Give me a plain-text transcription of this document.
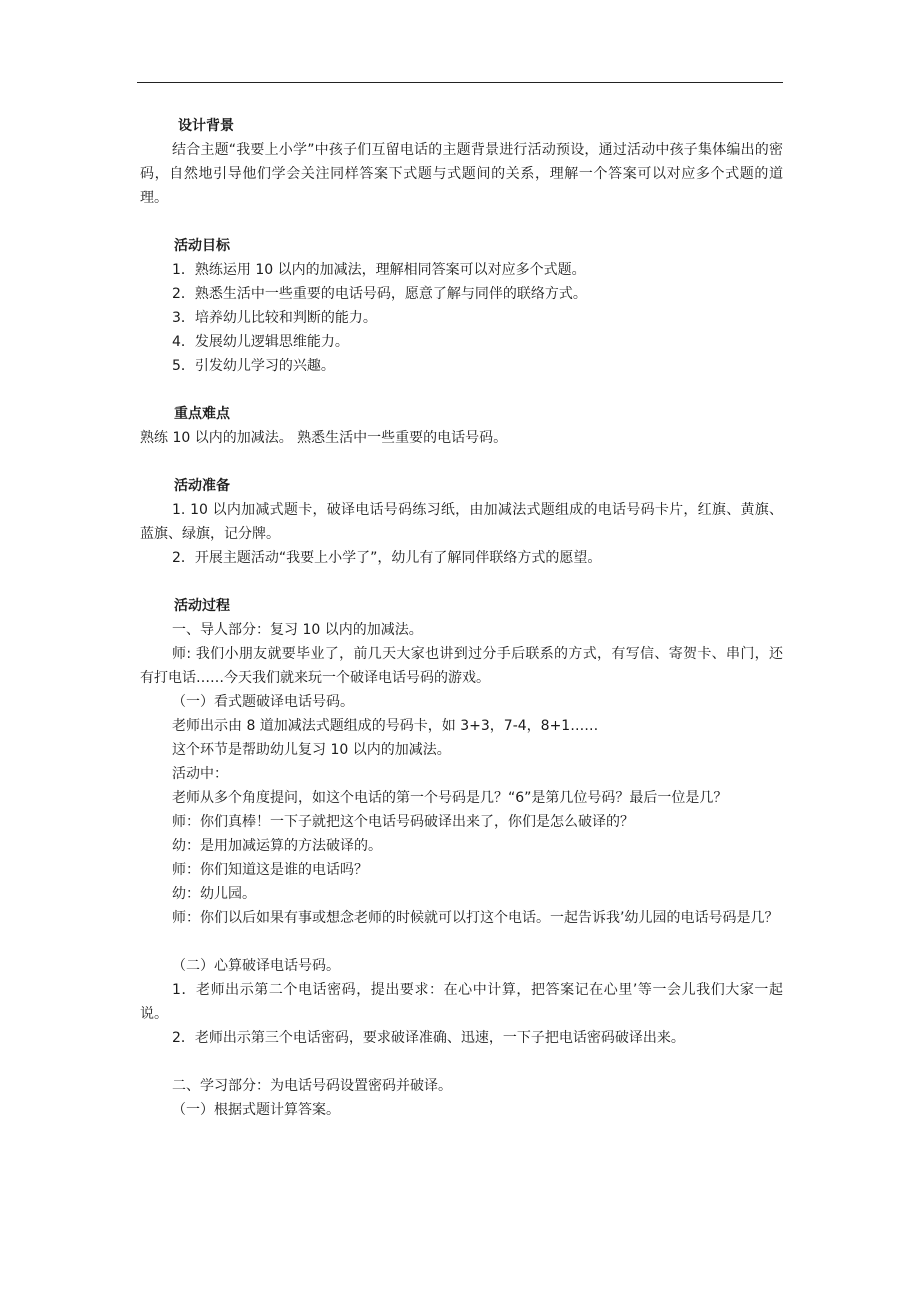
设计背景

结合主题“我要上小学”中孩子们互留电话的主题背景进行活动预设，通过活动中孩子集体编出的密码，自然地引导他们学会关注同样答案下式题与式题间的关系，理解一个答案可以对应多个式题的道理。

活动目标

1．熟练运用 10 以内的加减法，理解相同答案可以对应多个式题。

2．熟悉生活中一些重要的电话号码，愿意了解与同伴的联络方式。

3．培养幼儿比较和判断的能力。

4．发展幼儿逻辑思维能力。

5．引发幼儿学习的兴趣。

重点难点

熟练 10 以内的加减法。 熟悉生活中一些重要的电话号码。

活动准备

1. 10 以内加减式题卡，破译电话号码练习纸，由加减法式题组成的电话号码卡片，红旗、黄旗、蓝旗、绿旗，记分牌。

2．开展主题活动“我要上小学了”，幼儿有了解同伴联络方式的愿望。

活动过程

一、导人部分：复习 10 以内的加减法。

师: 我们小朋友就要毕业了，前几天大家也讲到过分手后联系的方式，有写信、寄贺卡、串门，还有打电话……今天我们就来玩一个破译电话号码的游戏。

（一）看式题破译电话号码。

老师出示由 8 道加减法式题组成的号码卡，如 3+3，7-4，8+1……

这个环节是帮助幼儿复习 10 以内的加减法。

活动中：

老师从多个角度提问，如这个电话的第一个号码是几？“6”是第几位号码？最后一位是几？

师：你们真棒！一下子就把这个电话号码破译出来了，你们是怎么破译的？

幼：是用加减运算的方法破译的。

师：你们知道这是谁的电话吗？

幼：幼儿园。

师：你们以后如果有事或想念老师的时候就可以打这个电话。一起告诉我’幼儿园的电话号码是几？

（二）心算破译电话号码。

1．老师出示第二个电话密码，提出要求：在心中计算，把答案记在心里’等一会儿我们大家一起说。

2．老师出示第三个电话密码，要求破译准确、迅速，一下子把电话密码破译出来。

二、学习部分：为电话号码设置密码并破译。

（一）根据式题计算答案。
